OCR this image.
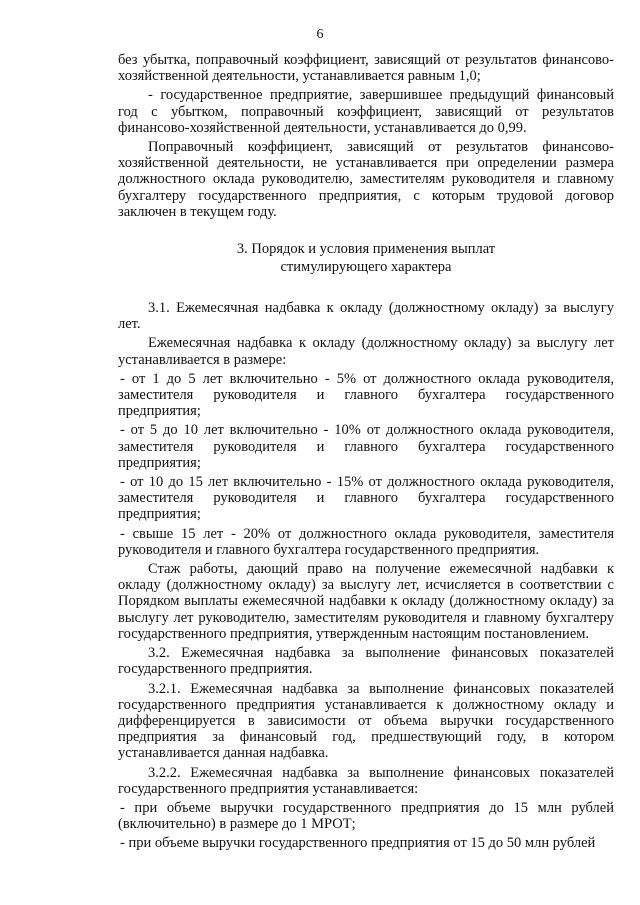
6

без убытка, поправочный коэффициент, зависящий от результатов финансово-хозяйственной деятельности, устанавливается равным 1,0;

- государственное предприятие, завершившее предыдущий финансовый год с убытком, поправочный коэффициент, зависящий от результатов финансово-хозяйственной деятельности, устанавливается до 0,99.

Поправочный коэффициент, зависящий от результатов финансово-хозяйственной деятельности, не устанавливается при определении размера должностного оклада руководителю, заместителям руководителя и главному бухгалтеру государственного предприятия, с которым трудовой договор заключен в текущем году.

3. Порядок и условия применения выплат
стимулирующего характера

3.1. Ежемесячная надбавка к окладу (должностному окладу) за выслугу лет.

Ежемесячная надбавка к окладу (должностному окладу) за выслугу лет устанавливается в размере:

- от 1 до 5 лет включительно - 5% от должностного оклада руководителя, заместителя руководителя и главного бухгалтера государственного предприятия;

- от 5 до 10 лет включительно - 10% от должностного оклада руководителя, заместителя руководителя и главного бухгалтера государственного предприятия;

- от 10 до 15 лет включительно - 15% от должностного оклада руководителя, заместителя руководителя и главного бухгалтера государственного предприятия;

- свыше 15 лет - 20% от должностного оклада руководителя, заместителя руководителя и главного бухгалтера государственного предприятия.

Стаж работы, дающий право на получение ежемесячной надбавки к окладу (должностному окладу) за выслугу лет, исчисляется в соответствии с Порядком выплаты ежемесячной надбавки к окладу (должностному окладу) за выслугу лет руководителю, заместителям руководителя и главному бухгалтеру государственного предприятия, утвержденным настоящим постановлением.

3.2. Ежемесячная надбавка за выполнение финансовых показателей государственного предприятия.

3.2.1. Ежемесячная надбавка за выполнение финансовых показателей государственного предприятия устанавливается к должностному окладу и дифференцируется в зависимости от объема выручки государственного предприятия за финансовый год, предшествующий году, в котором устанавливается данная надбавка.

3.2.2. Ежемесячная надбавка за выполнение финансовых показателей государственного предприятия устанавливается:

- при объеме выручки государственного предприятия до 15 млн рублей (включительно) в размере до 1 МРОТ;

- при объеме выручки государственного предприятия от 15 до 50 млн рублей
